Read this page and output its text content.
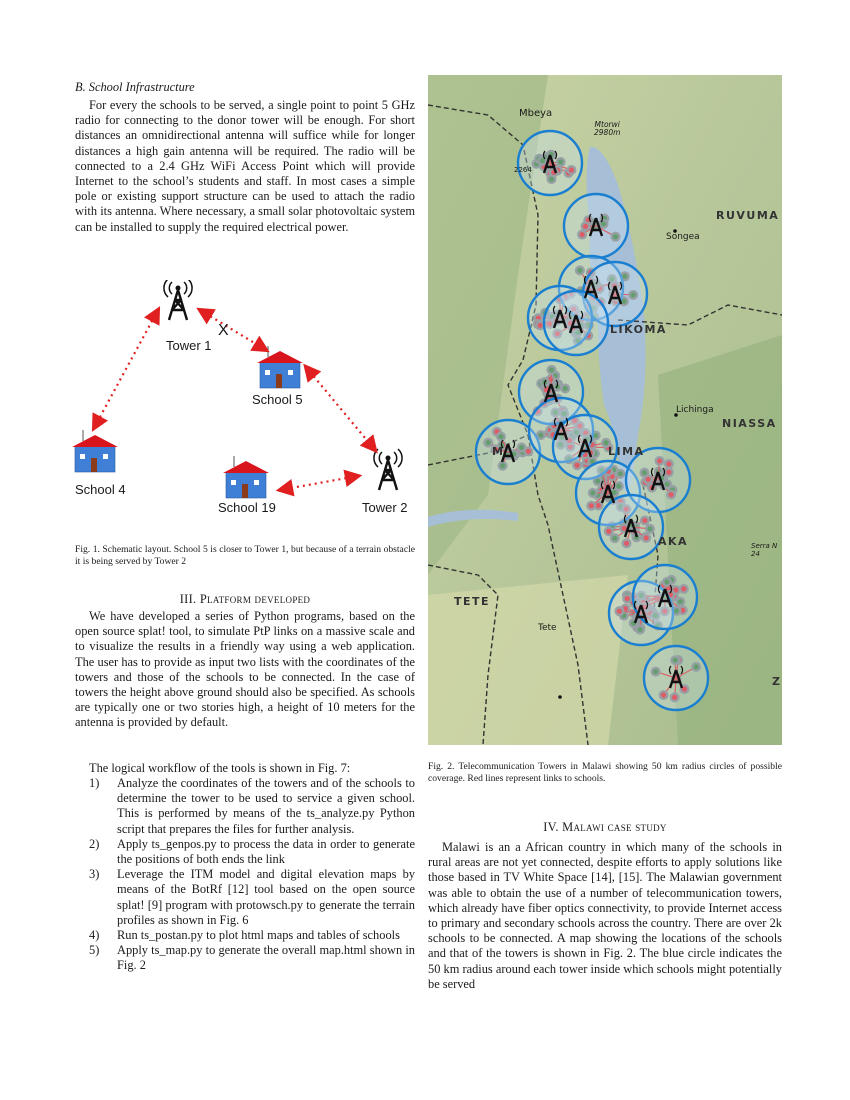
B. School Infrastructure
For every the schools to be served, a single point to point 5 GHz radio for connecting to the donor tower will be enough. For short distances an omnidirectional antenna will suffice while for longer distances a high gain antenna will be required. The radio will be connected to a 2.4 GHz WiFi Access Point which will provide Internet to the school’s students and staff. In most cases a simple pole or existing support structure can be used to attach the radio with its antenna. Where necessary, a small solar photovoltaic system can be installed to supply the required electrical power.
X
Tower 1
School 5
School 4
School 19	Tower 2
Fig. 1. Schematic layout. School 5 is closer to Tower 1, but because of a terrain obstacle it is being served by Tower 2
III. Platform developed
We have developed a series of Python programs, based on the open source splat! tool, to simulate PtP links on a massive scale and to visualize the results in a friendly way using a web application. The user has to provide as input two lists with the coordinates of the towers and those of the schools to be connected. In the case of towers the height above ground should also be specified. As schools are typically one or two stories high, a height of 10 meters for the antenna is provided by default.
The logical workflow of the tools is shown in Fig. 7:
1) Analyze the coordinates of the towers and of the schools to determine the tower to be used to service a given school. This is performed by means of the ts_analyze.py Python script that prepares the files for further analysis.
2) Apply ts_genpos.py to process the data in order to generate the positions of both ends the link
3) Leverage the ITM model and digital elevation maps by means of the BotRf [12] tool based on the open source splat! [9] program with protowsch.py to generate the terrain profiles as shown in Fig. 6
4) Run ts_postan.py to plot html maps and tables of schools
5) Apply ts_map.py to generate the overall map.html shown in Fig. 2
Mbeya
Mtorwi
2980m
2264
RUVUMA
Songea
LIKOMA
Lichinga
NIASSA
M	LIMA
AKA	Serra N
24
TETE
Tete
Z
Fig. 2. Telecommunication Towers in Malawi showing 50 km radius circles of possible coverage. Red lines represent links to schools.
IV. Malawi case study
Malawi is an a African country in which many of the schools in rural areas are not yet connected, despite efforts to apply solutions like those based in TV White Space [14], [15]. The Malawian government was able to obtain the use of a number of telecommunication towers, which already have fiber optics connectivity, to provide Internet access to primary and secondary schools across the country. There are over 2k schools to be connected. A map showing the locations of the schools and that of the towers is shown in Fig. 2. The blue circle indicates the 50 km radius around each tower inside which schools might potentially be served
